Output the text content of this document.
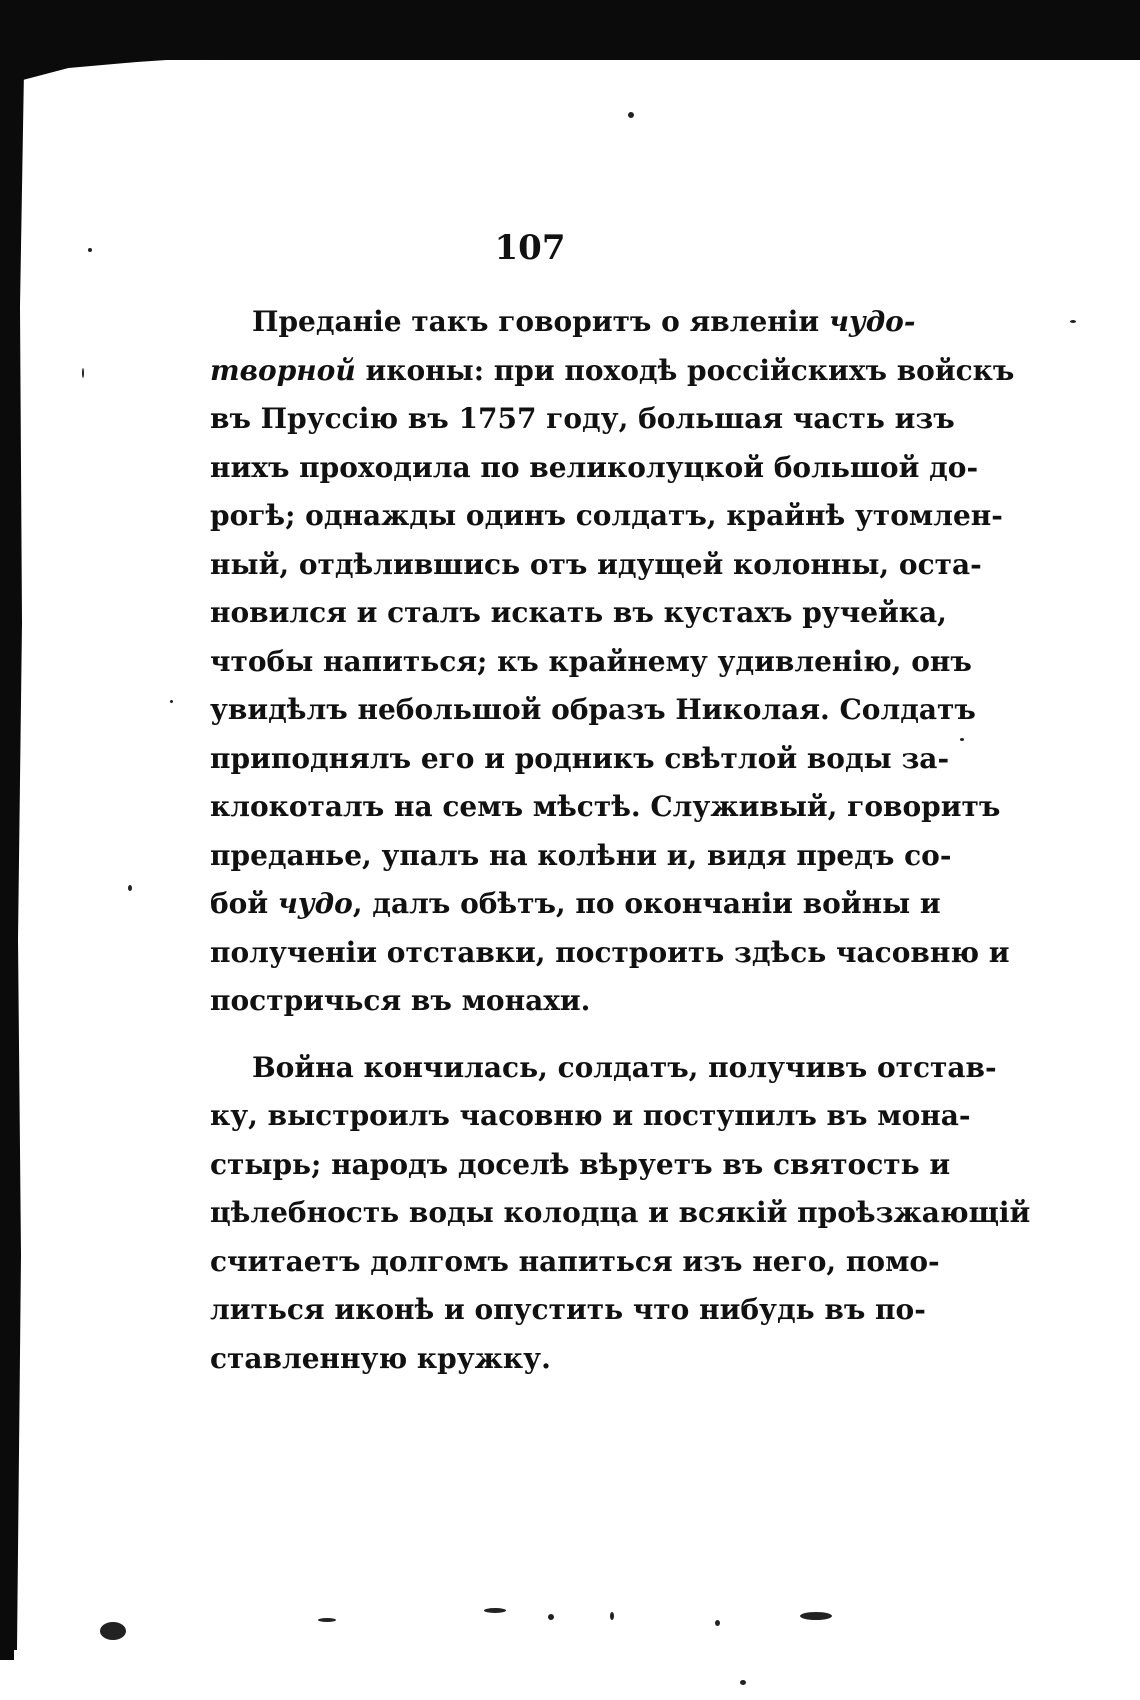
107
Преданіе такъ говоритъ о явленіи чудо-
творной иконы: при походѣ россійскихъ войскъ
въ Пруссію въ 1757 году, большая часть изъ
нихъ проходила по великолуцкой большой до-
рогѣ; однажды одинъ солдатъ, крайнѣ утомлен-
ный, отдѣлившись отъ идущей колонны, оста-
новился и сталъ искать въ кустахъ ручейка,
чтобы напиться; къ крайнему удивленію, онъ
увидѣлъ небольшой образъ Николая. Солдатъ
приподнялъ его и родникъ свѣтлой воды за-
клокоталъ на семъ мѣстѣ. Служивый, говоритъ
преданье, упалъ на колѣни и, видя предъ со-
бой чудо, далъ обѣтъ, по окончаніи войны и
полученіи отставки, построить здѣсь часовню и
постричься въ монахи.
Война кончилась, солдатъ, получивъ отстав-
ку, выстроилъ часовню и поступилъ въ мона-
стырь; народъ доселѣ вѣруетъ въ святость и
цѣлебность воды колодца и всякій проѣзжающій
считаетъ долгомъ напиться изъ него, помо-
литься иконѣ и опустить что нибудь въ по-
ставленную кружку.
